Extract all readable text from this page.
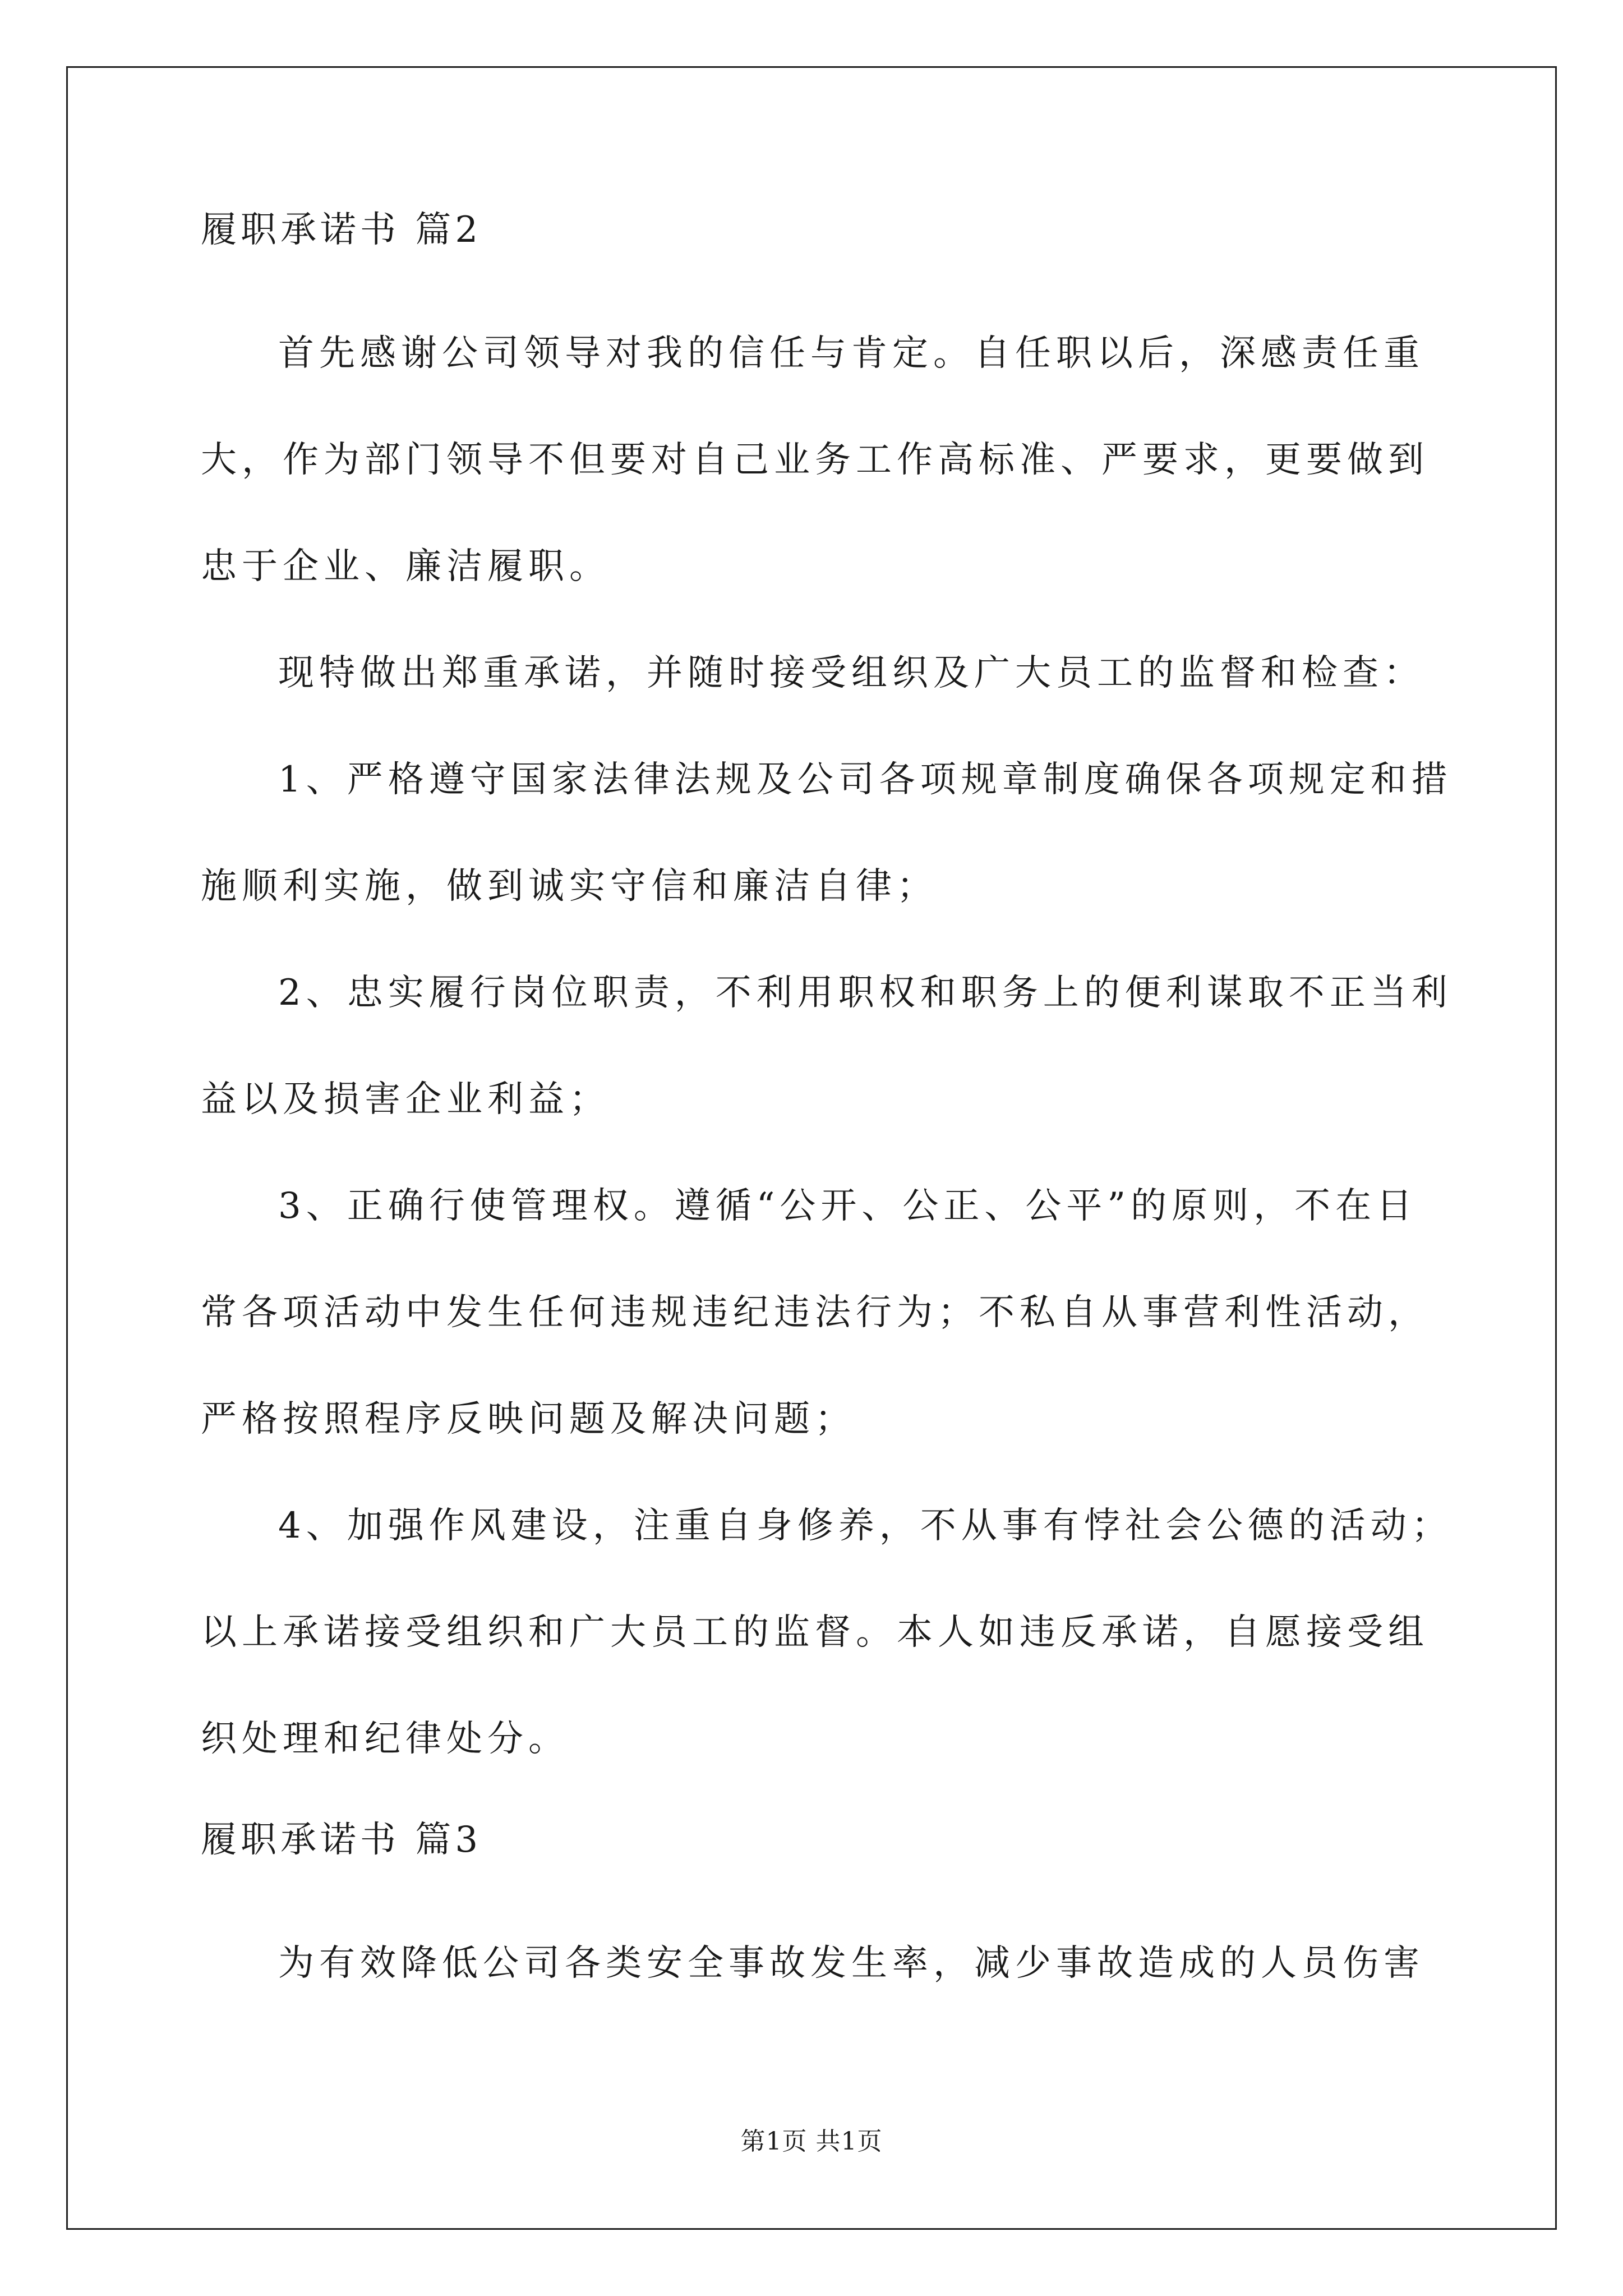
履职承诺书 篇2
首先感谢公司领导对我的信任与肯定。自任职以后，深感责任重
大，作为部门领导不但要对自己业务工作高标准、严要求，更要做到
忠于企业、廉洁履职。
现特做出郑重承诺，并随时接受组织及广大员工的监督和检查：
1、严格遵守国家法律法规及公司各项规章制度确保各项规定和措
施顺利实施，做到诚实守信和廉洁自律；
2、忠实履行岗位职责，不利用职权和职务上的便利谋取不正当利
益以及损害企业利益；
3、正确行使管理权。遵循“公开、公正、公平”的原则，不在日
常各项活动中发生任何违规违纪违法行为；不私自从事营利性活动，
严格按照程序反映问题及解决问题；
4、加强作风建设，注重自身修养，不从事有悖社会公德的活动；
以上承诺接受组织和广大员工的监督。本人如违反承诺，自愿接受组
织处理和纪律处分。
履职承诺书 篇3
为有效降低公司各类安全事故发生率，减少事故造成的人员伤害
第1页 共1页
